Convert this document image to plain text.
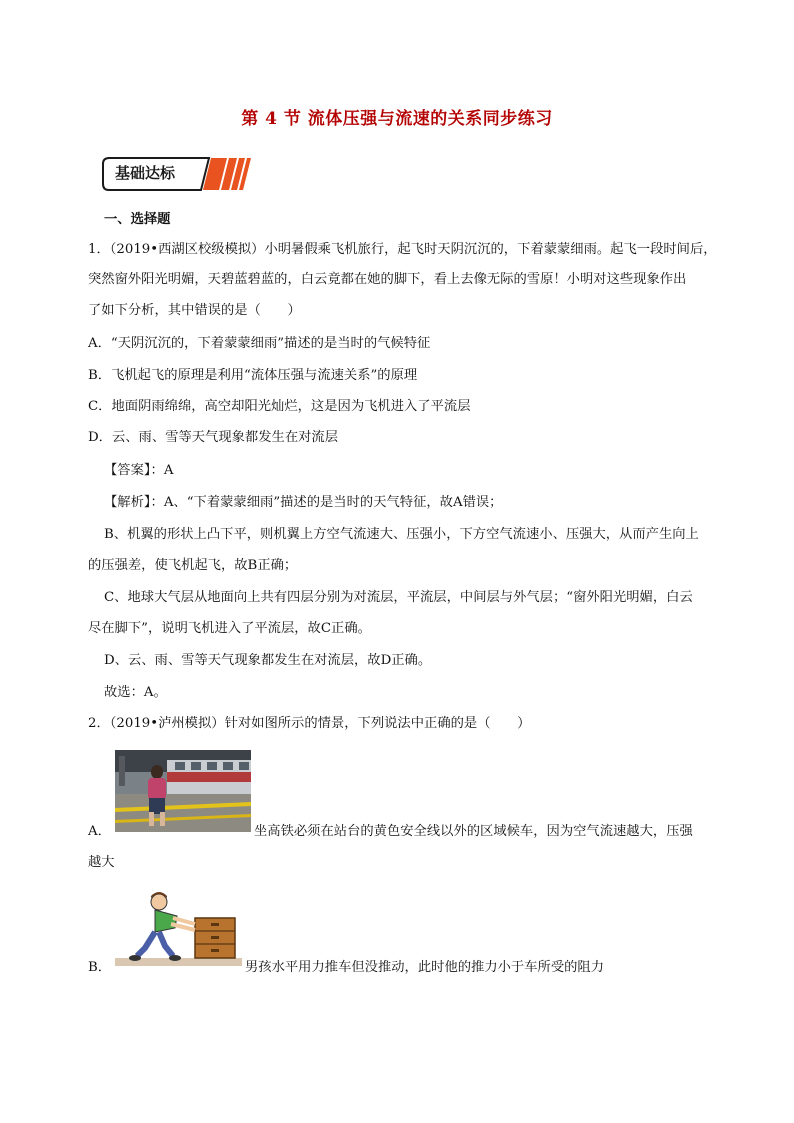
第 4 节 流体压强与流速的关系同步练习
基础达标
一、选择题
1．（2019•西湖区校级模拟）小明暑假乘飞机旅行，起飞时天阴沉沉的，下着蒙蒙细雨。起飞一段时间后，
突然窗外阳光明媚，天碧蓝碧蓝的，白云竟都在她的脚下，看上去像无际的雪原！小明对这些现象作出
了如下分析，其中错误的是（　　）
A．“天阴沉沉的，下着蒙蒙细雨”描述的是当时的气候特征
B．飞机起飞的原理是利用“流体压强与流速关系”的原理
C．地面阴雨绵绵，高空却阳光灿烂，这是因为飞机进入了平流层
D．云、雨、雪等天气现象都发生在对流层
【答案】：A
【解析】：A、“下着蒙蒙细雨”描述的是当时的天气特征，故A错误；
B、机翼的形状上凸下平，则机翼上方空气流速大、压强小，下方空气流速小、压强大，从而产生向上
的压强差，使飞机起飞，故B正确；
C、地球大气层从地面向上共有四层分别为对流层，平流层，中间层与外气层；“窗外阳光明媚，白云
尽在脚下”，说明飞机进入了平流层，故C正确。
D、云、雨、雪等天气现象都发生在对流层，故D正确。
故选：A。
2．（2019•泸州模拟）针对如图所示的情景，下列说法中正确的是（　　）
A．	坐高铁必须在站台的黄色安全线以外的区域候车，因为空气流速越大，压强
越大
B．	男孩水平用力推车但没推动，此时他的推力小于车所受的阻力
